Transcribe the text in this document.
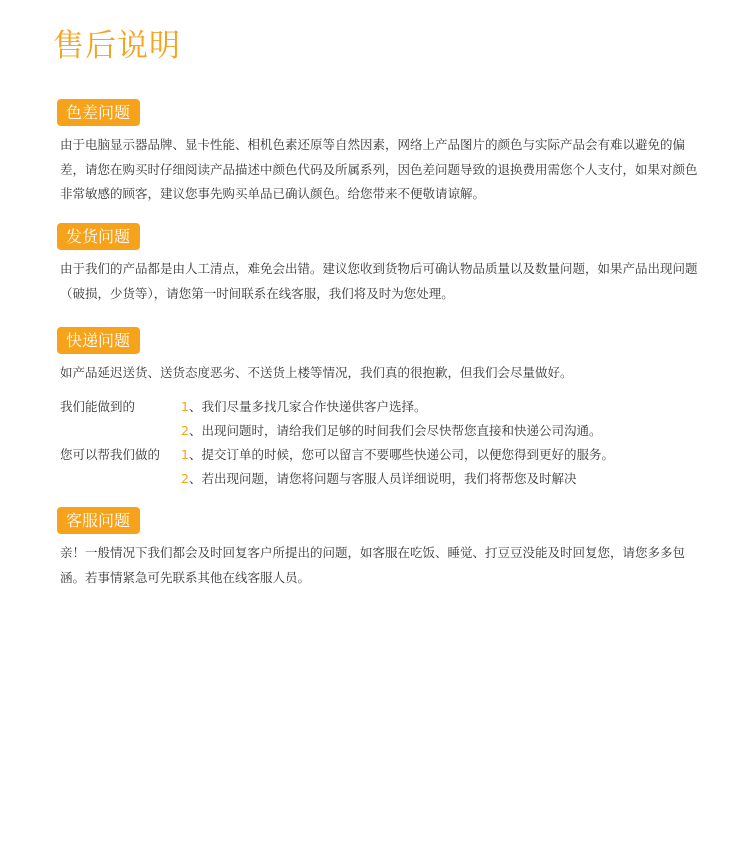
售后说明
色差问题
由于电脑显示器品牌、显卡性能、相机色素还原等自然因素，网络上产品图片的颜色与实际产品会有难以避免的偏差，请您在购买时仔细阅读产品描述中颜色代码及所属系列，因色差问题导致的退换费用需您个人支付，如果对颜色非常敏感的顾客，建议您事先购买单品已确认颜色。给您带来不便敬请谅解。
发货问题
由于我们的产品都是由人工清点，难免会出错。建议您收到货物后可确认物品质量以及数量问题，如果产品出现问题（破损，少货等），请您第一时间联系在线客服，我们将及时为您处理。
快递问题
如产品延迟送货、送货态度恶劣、不送货上楼等情况，我们真的很抱歉，但我们会尽量做好。
我们能做到的	1、我们尽量多找几家合作快递供客户选择。
2、出现问题时，请给我们足够的时间我们会尽快帮您直接和快递公司沟通。
您可以帮我们做的 1、提交订单的时候，您可以留言不要哪些快递公司，以便您得到更好的服务。
2、若出现问题，请您将问题与客服人员详细说明，我们将帮您及时解决
客服问题
亲！一般情况下我们都会及时回复客户所提出的问题，如客服在吃饭、睡觉、打豆豆没能及时回复您，请您多多包涵。若事情紧急可先联系其他在线客服人员。
